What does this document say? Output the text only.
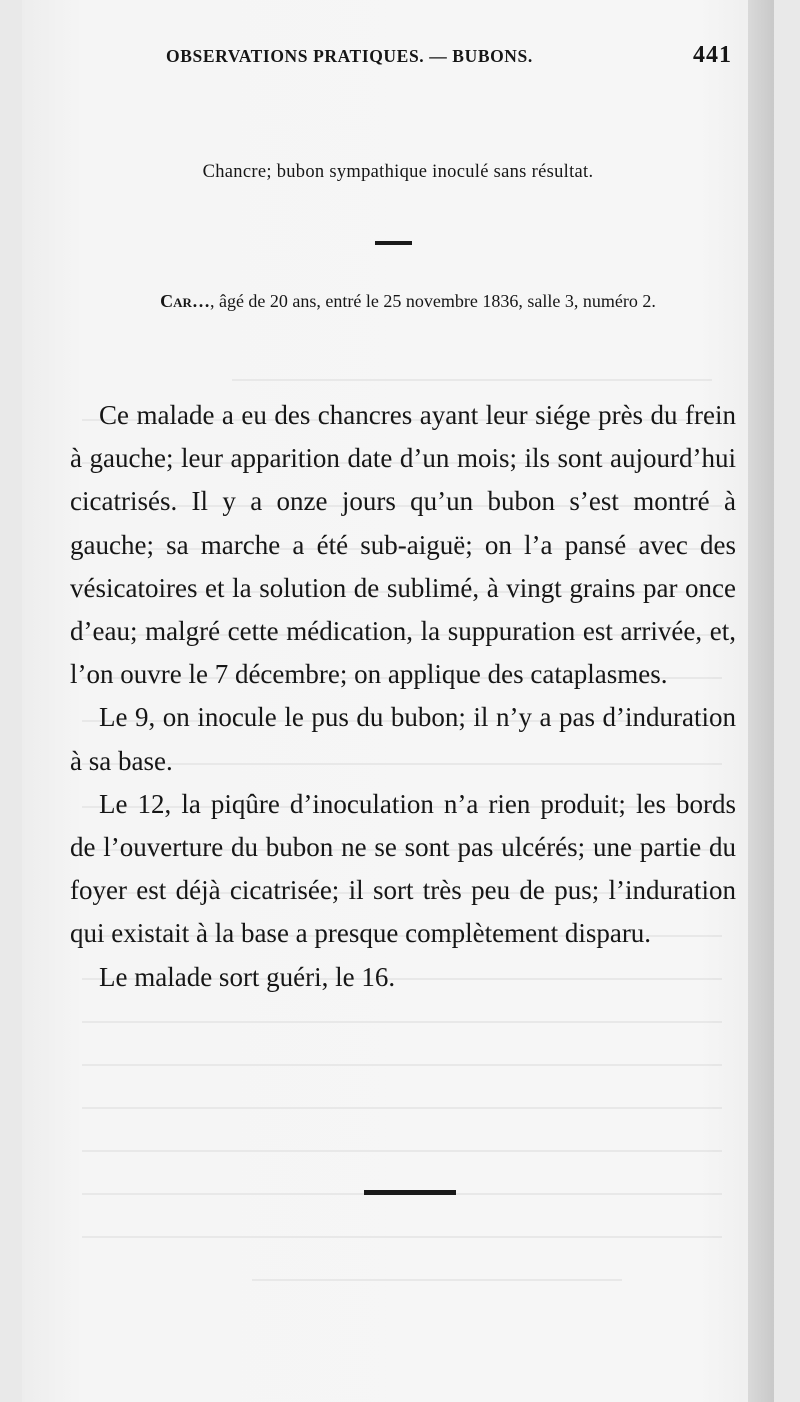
OBSERVATIONS PRATIQUES. — BUBONS.	441
Chancre; bubon sympathique inoculé sans résultat.
Car…, âgé de 20 ans, entré le 25 novembre 1836, salle 3, numéro 2.

Ce malade a eu des chancres ayant leur siége près du frein à gauche; leur apparition date d’un mois; ils sont aujourd’hui cicatrisés. Il y a onze jours qu’un bubon s’est montré à gauche; sa marche a été sub-aiguë; on l’a pansé avec des vésicatoires et la solution de sublimé, à vingt grains par once d’eau; malgré cette médication, la suppuration est arrivée, et, l’on ouvre le 7 décembre; on applique des cataplasmes.

Le 9, on inocule le pus du bubon; il n’y a pas d’induration à sa base.

Le 12, la piqûre d’inoculation n’a rien produit; les bords de l’ouverture du bubon ne se sont pas ulcérés; une partie du foyer est déjà cicatrisée; il sort très peu de pus; l’induration qui existait à la base a presque complètement disparu.

Le malade sort guéri, le 16.
